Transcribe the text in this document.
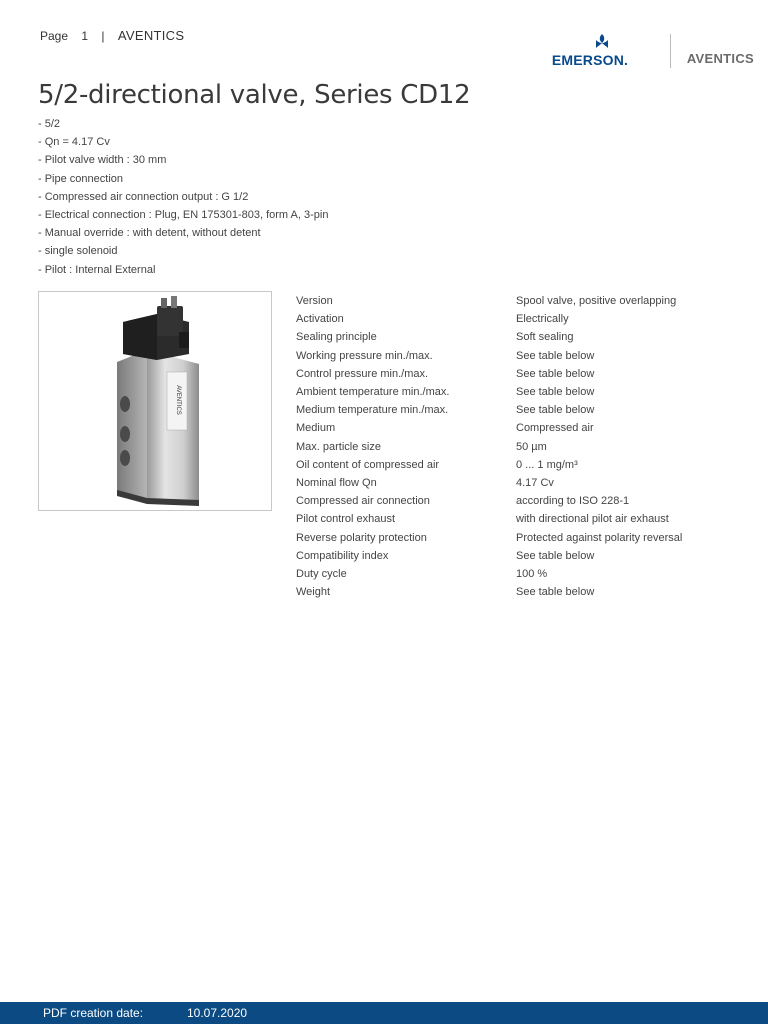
Page 1 | AVENTICS
EMERSON.	AVENTICS
5/2-directional valve, Series CD12
- 5/2
- Qn = 4.17 Cv
- Pilot valve width : 30 mm
- Pipe connection
- Compressed air connection output : G 1/2
- Electrical connection : Plug, EN 175301-803, form A, 3-pin
- Manual override : with detent, without detent
- single solenoid
- Pilot : Internal External
AVENTICS
Version	Spool valve, positive overlapping
Activation	Electrically
Sealing principle	Soft sealing
Working pressure min./max.	See table below
Control pressure min./max.	See table below
Ambient temperature min./max.	See table below
Medium temperature min./max.	See table below
Medium	Compressed air
Max. particle size	50 µm
Oil content of compressed air	0 ... 1 mg/m³
Nominal flow Qn	4.17 Cv
Compressed air connection	according to ISO 228-1
Pilot control exhaust	with directional pilot air exhaust
Reverse polarity protection	Protected against polarity reversal
Compatibility index	See table below
Duty cycle	100 %
Weight	See table below
PDF creation date:	10.07.2020
